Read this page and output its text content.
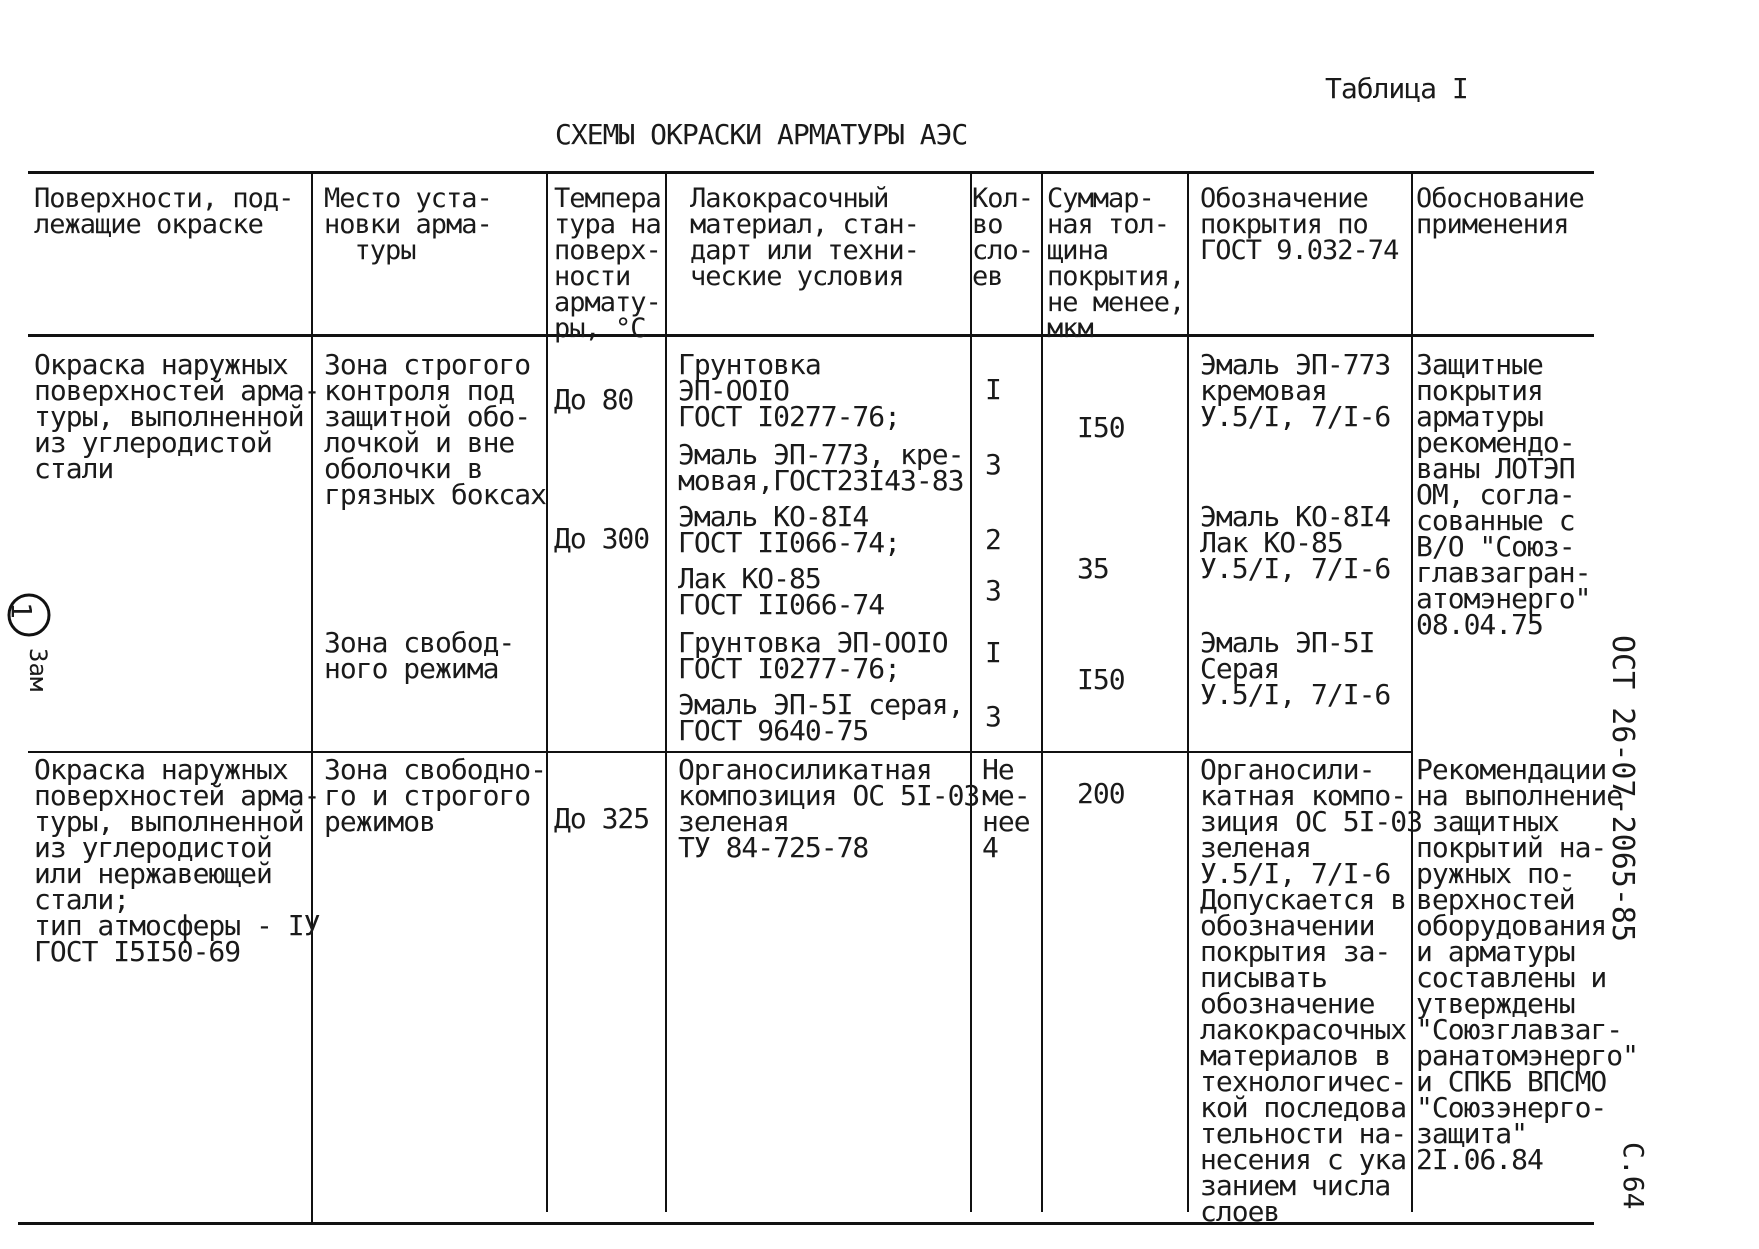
Таблица I
СХЕМЫ ОКРАСКИ АРМАТУРЫ АЭС
Поверхности, под-
лежащие окраске
Место уста-
новки арма-
туры
Темпера
тура на
поверх-
ности
армату-
ры, °С
Лакокрасочный
материал, стан-
дарт или техни-
ческие условия
Кол-
во
сло-
ев
Суммар-
ная тол-
щина
покрытия,
не менее,
мкм
Обозначение
покрытия по
ГОСТ 9.032-74
Обоснование
применения
Окраска наружных
поверхностей арма-
туры, выполненной
из углеродистой
стали
Зона строгого
контроля под
защитной обо-
лочкой и вне
оболочки в
грязных боксах
Зона свобод-
ного режима
До 80
До 300
Грунтовка
ЭП-ООIО
ГОСТ I0277-76;
Эмаль ЭП-773, кре-
мовая,ГОСТ23I43-83
Эмаль КО-8I4
ГОСТ II066-74;
Лак КО-85
ГОСТ II066-74
Грунтовка ЭП-ООIО
ГОСТ I0277-76;
Эмаль ЭП-5I серая,
ГОСТ 9640-75
I
3
2
3
I
3
I50
35
I50
Эмаль ЭП-773
кремовая
У.5/I, 7/I-6
Эмаль КО-8I4
Лак КО-85
У.5/I, 7/I-6
Эмаль ЭП-5I
Серая
У.5/I, 7/I-6
Защитные
покрытия
арматуры
рекомендо-
ваны ЛОТЭП
ОМ, согла-
сованные с
В/О "Союз-
главзагран-
атомэнерго"
08.04.75
Окраска наружных
поверхностей арма-
туры, выполненной
из углеродистой
или нержавеющей
стали;
тип атмосферы - IУ
ГОСТ I5I50-69
Зона свободно-
го и строгого
режимов	До 325
Органосиликатная
композиция ОС 5I-03
зеленая
ТУ 84-725-78
Не
ме-
нее
4
200
Органосили-
катная компо-
зиция ОС 5I-03
зеленая
У.5/I, 7/I-6
Допускается в
обозначении
покрытия за-
писывать
обозначение
лакокрасочных
материалов в
технологичес-
кой последова
тельности на-
несения с ука
занием числа
слоев
Рекомендации
на выполнение
защитных
покрытий на-
ружных по-
верхностей
оборудования
и арматуры
составлены и
утверждены
"Союзглавзаг-
ранатомэнерго"
и СПКБ ВПСМО
"Союзэнерго-
защита"
2I.06.84
1
Зам	ОСТ 26-07-2065-85
С.64
